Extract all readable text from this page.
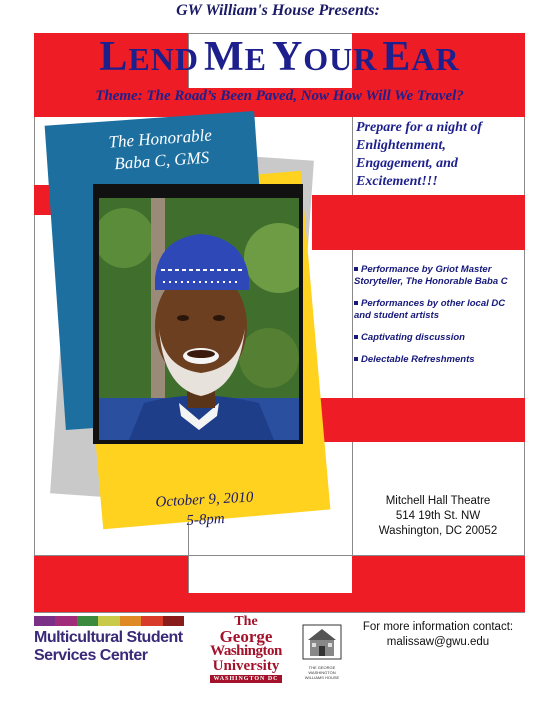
GW William's House Presents:
LEND ME YOUR EAR
Theme: The Road’s Been Paved, Now How Will We Travel?
The Honorable
Baba C, GMS
October 9, 2010
5-8pm
Prepare for a night of Enlightenment, Engagement, and Excitement!!!
Performance by Griot Master Storyteller, The Honorable Baba C
Performances by other local DC and student artists
Captivating discussion
Delectable Refreshments
Mitchell Hall Theatre
514 19th St. NW
Washington, DC 20052
For more information contact:
malissaw@gwu.edu
Multicultural Student
Services Center
The
George
Washington
University
WASHINGTON DC
THE GEORGE WASHINGTON WILLIAMS HOUSE
